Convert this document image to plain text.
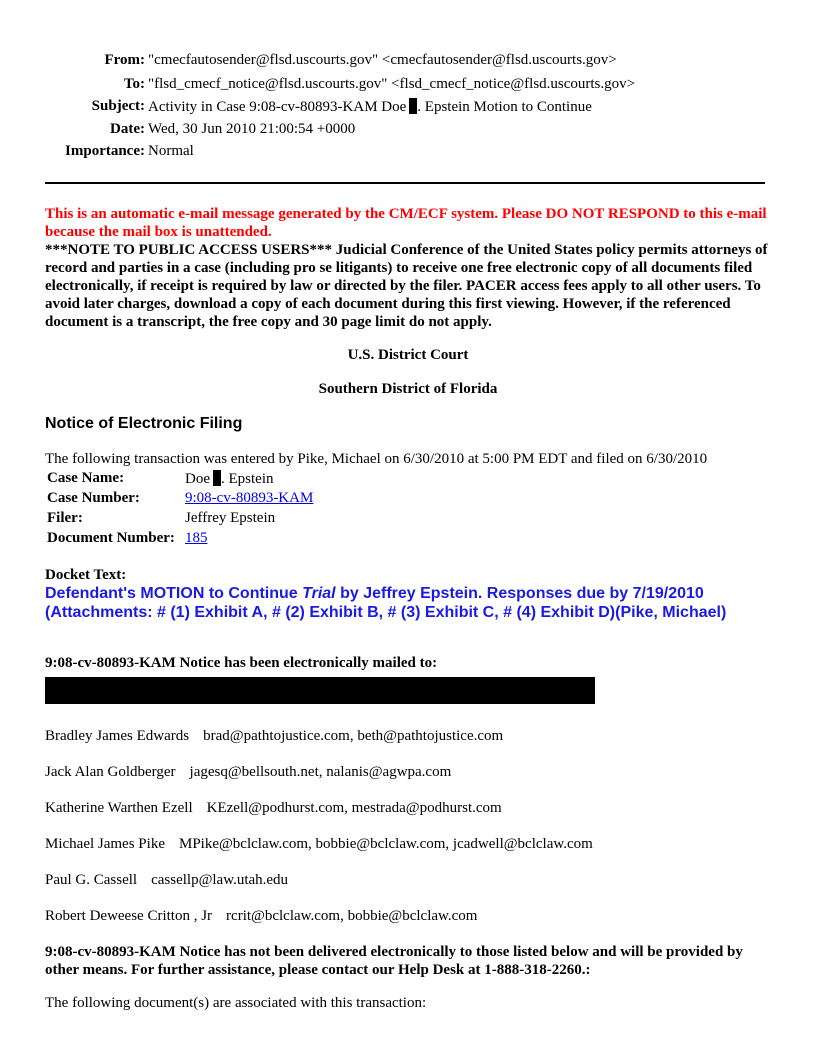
From: "cmecfautosender@flsd.uscourts.gov" <cmecfautosender@flsd.uscourts.gov>
To: "flsd_cmecf_notice@flsd.uscourts.gov" <flsd_cmecf_notice@flsd.uscourts.gov>
Subject: Activity in Case 9:08-cv-80893-KAM Doe . Epstein Motion to Continue
Date: Wed, 30 Jun 2010 21:00:54 +0000
Importance: Normal
This is an automatic e-mail message generated by the CM/ECF system. Please DO NOT RESPOND to this e-mail because the mail box is unattended.
***NOTE TO PUBLIC ACCESS USERS*** Judicial Conference of the United States policy permits attorneys of record and parties in a case (including pro se litigants) to receive one free electronic copy of all documents filed electronically, if receipt is required by law or directed by the filer. PACER access fees apply to all other users. To avoid later charges, download a copy of each document during this first viewing. However, if the referenced document is a transcript, the free copy and 30 page limit do not apply.
U.S. District Court
Southern District of Florida
Notice of Electronic Filing
The following transaction was entered by Pike, Michael on 6/30/2010 at 5:00 PM EDT and filed on 6/30/2010
Case Name:	Doe . Epstein
Case Number:	9:08-cv-80893-KAM
Filer:	Jeffrey Epstein
Document Number: 185
Docket Text:
Defendant's MOTION to Continue Trial by Jeffrey Epstein. Responses due by 7/19/2010 (Attachments: # (1) Exhibit A, # (2) Exhibit B, # (3) Exhibit C, # (4) Exhibit D)(Pike, Michael)
9:08-cv-80893-KAM Notice has been electronically mailed to:
Bradley James Edwards brad@pathtojustice.com, beth@pathtojustice.com
Jack Alan Goldberger jagesq@bellsouth.net, nalanis@agwpa.com
Katherine Warthen Ezell KEzell@podhurst.com, mestrada@podhurst.com
Michael James Pike MPike@bclclaw.com, bobbie@bclclaw.com, jcadwell@bclclaw.com
Paul G. Cassell cassellp@law.utah.edu
Robert Deweese Critton , Jr rcrit@bclclaw.com, bobbie@bclclaw.com
9:08-cv-80893-KAM Notice has not been delivered electronically to those listed below and will be provided by other means. For further assistance, please contact our Help Desk at 1-888-318-2260.:
The following document(s) are associated with this transaction:
